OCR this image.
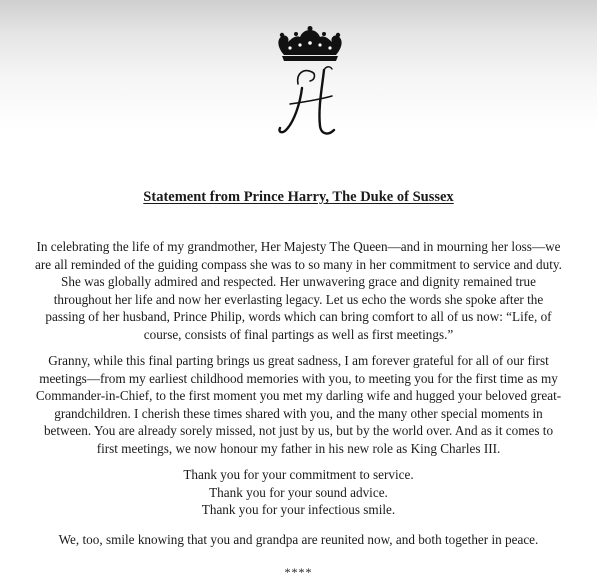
Statement from Prince Harry, The Duke of Sussex

In celebrating the life of my grandmother, Her Majesty The Queen—and in mourning her loss—we
are all reminded of the guiding compass she was to so many in her commitment to service and duty.
She was globally admired and respected. Her unwavering grace and dignity remained true
throughout her life and now her everlasting legacy. Let us echo the words she spoke after the
passing of her husband, Prince Philip, words which can bring comfort to all of us now: “Life, of
course, consists of final partings as well as first meetings.”

Granny, while this final parting brings us great sadness, I am forever grateful for all of our first
meetings—from my earliest childhood memories with you, to meeting you for the first time as my
Commander-in-Chief, to the first moment you met my darling wife and hugged your beloved great-
grandchildren. I cherish these times shared with you, and the many other special moments in
between. You are already sorely missed, not just by us, but by the world over. And as it comes to
first meetings, we now honour my father in his new role as King Charles III.

Thank you for your commitment to service.
Thank you for your sound advice.
Thank you for your infectious smile.

We, too, smile knowing that you and grandpa are reunited now, and both together in peace.

****
